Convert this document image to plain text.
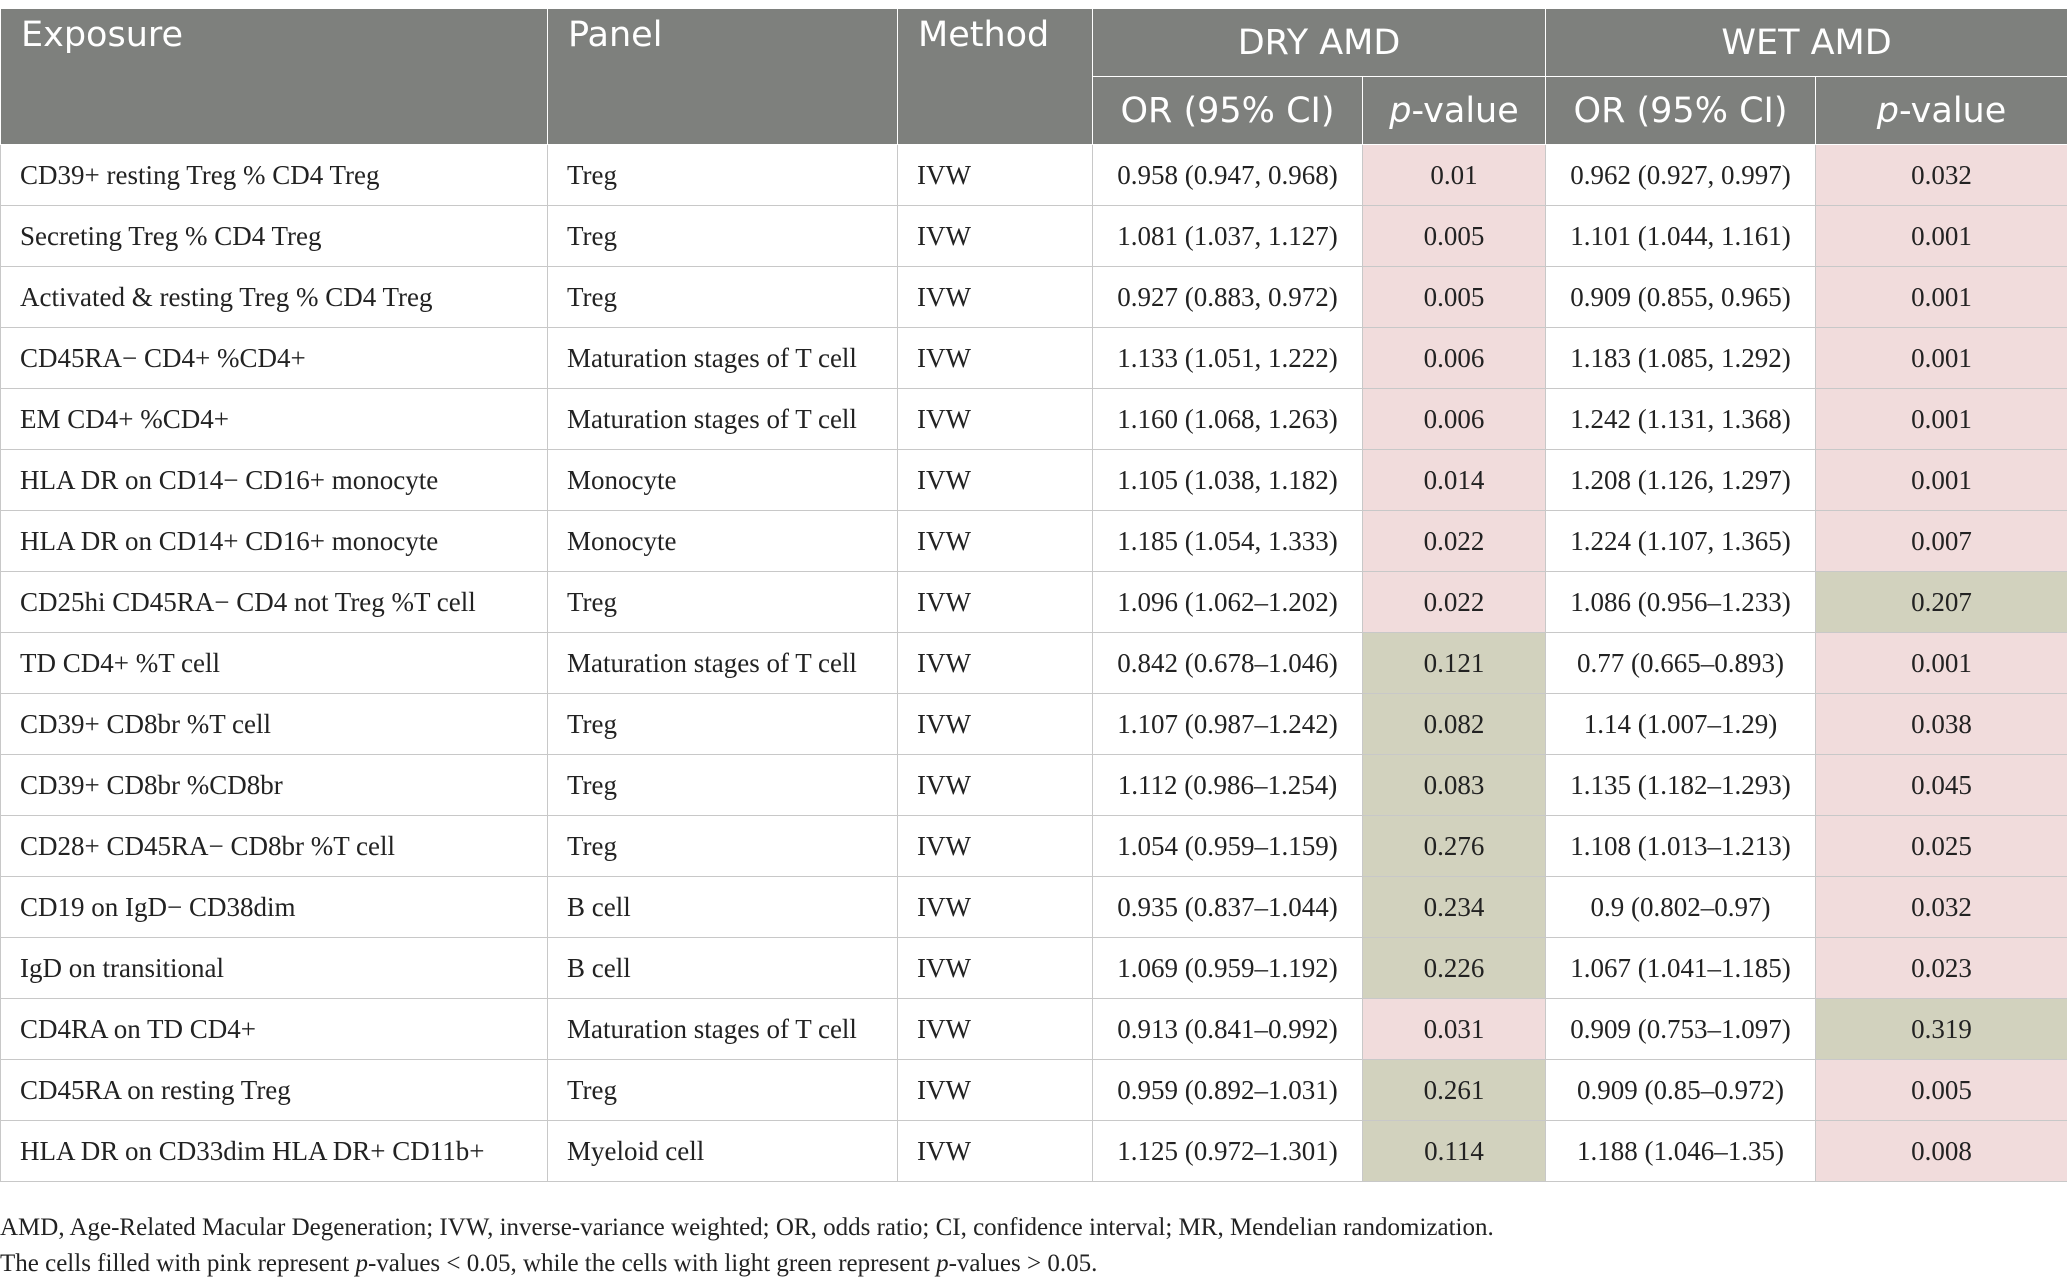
Exposure	Panel	Method	DRY AMD		WET AMD	
			OR (95% CI)	p-value	OR (95% CI)	p-value
CD39+ resting Treg % CD4 Treg	Treg	IVW	0.958 (0.947, 0.968)	0.01	0.962 (0.927, 0.997)	0.032
Secreting Treg % CD4 Treg	Treg	IVW	1.081 (1.037, 1.127)	0.005	1.101 (1.044, 1.161)	0.001
Activated & resting Treg % CD4 Treg	Treg	IVW	0.927 (0.883, 0.972)	0.005	0.909 (0.855, 0.965)	0.001
CD45RA− CD4+ %CD4+	Maturation stages of T cell	IVW	1.133 (1.051, 1.222)	0.006	1.183 (1.085, 1.292)	0.001
EM CD4+ %CD4+	Maturation stages of T cell	IVW	1.160 (1.068, 1.263)	0.006	1.242 (1.131, 1.368)	0.001
HLA DR on CD14− CD16+ monocyte	Monocyte	IVW	1.105 (1.038, 1.182)	0.014	1.208 (1.126, 1.297)	0.001
HLA DR on CD14+ CD16+ monocyte	Monocyte	IVW	1.185 (1.054, 1.333)	0.022	1.224 (1.107, 1.365)	0.007
CD25hi CD45RA− CD4 not Treg %T cell	Treg	IVW	1.096 (1.062–1.202)	0.022	1.086 (0.956–1.233)	0.207
TD CD4+ %T cell	Maturation stages of T cell	IVW	0.842 (0.678–1.046)	0.121	0.77 (0.665–0.893)	0.001
CD39+ CD8br %T cell	Treg	IVW	1.107 (0.987–1.242)	0.082	1.14 (1.007–1.29)	0.038
CD39+ CD8br %CD8br	Treg	IVW	1.112 (0.986–1.254)	0.083	1.135 (1.182–1.293)	0.045
CD28+ CD45RA− CD8br %T cell	Treg	IVW	1.054 (0.959–1.159)	0.276	1.108 (1.013–1.213)	0.025
CD19 on IgD− CD38dim	B cell	IVW	0.935 (0.837–1.044)	0.234	0.9 (0.802–0.97)	0.032
IgD on transitional	B cell	IVW	1.069 (0.959–1.192)	0.226	1.067 (1.041–1.185)	0.023
CD4RA on TD CD4+	Maturation stages of T cell	IVW	0.913 (0.841–0.992)	0.031	0.909 (0.753–1.097)	0.319
CD45RA on resting Treg	Treg	IVW	0.959 (0.892–1.031)	0.261	0.909 (0.85–0.972)	0.005
HLA DR on CD33dim HLA DR+ CD11b+	Myeloid cell	IVW	1.125 (0.972–1.301)	0.114	1.188 (1.046–1.35)	0.008

AMD, Age-Related Macular Degeneration; IVW, inverse-variance weighted; OR, odds ratio; CI, confidence interval; MR, Mendelian randomization.

The cells filled with pink represent p-values < 0.05, while the cells with light green represent p-values > 0.05.
